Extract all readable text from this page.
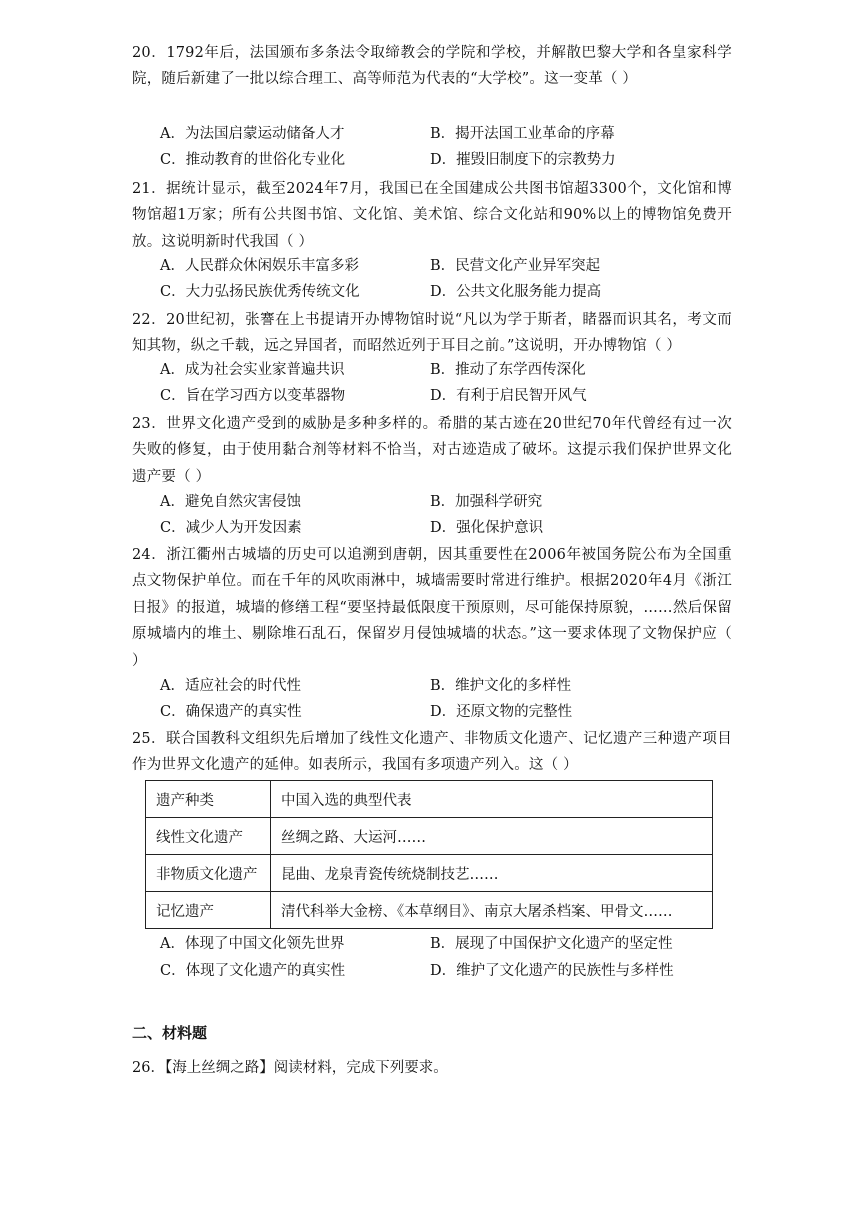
20．1792年后，法国颁布多条法令取缔教会的学院和学校，并解散巴黎大学和各皇家科学院，随后新建了一批以综合理工、高等师范为代表的“大学校”。这一变革（ ）
A．为法国启蒙运动储备人才	B．揭开法国工业革命的序幕
C．推动教育的世俗化专业化	D．摧毁旧制度下的宗教势力
21．据统计显示，截至2024年7月，我国已在全国建成公共图书馆超3300个，文化馆和博物馆超1万家；所有公共图书馆、文化馆、美术馆、综合文化站和90%以上的博物馆免费开放。这说明新时代我国（ ）
A．人民群众休闲娱乐丰富多彩	B．民营文化产业异军突起
C．大力弘扬民族优秀传统文化	D．公共文化服务能力提高
22．20世纪初，张謇在上书提请开办博物馆时说“凡以为学于斯者，睹器而识其名，考文而知其物，纵之千载，远之异国者，而昭然近列于耳目之前。”这说明，开办博物馆（ ）
A．成为社会实业家普遍共识	B．推动了东学西传深化
C．旨在学习西方以变革器物	D．有利于启民智开风气
23．世界文化遗产受到的威胁是多种多样的。希腊的某古迹在20世纪70年代曾经有过一次失败的修复，由于使用黏合剂等材料不恰当，对古迹造成了破坏。这提示我们保护世界文化遗产要（ ）
A．避免自然灾害侵蚀	B．加强科学研究
C．减少人为开发因素	D．强化保护意识
24．浙江衢州古城墙的历史可以追溯到唐朝，因其重要性在2006年被国务院公布为全国重点文物保护单位。而在千年的风吹雨淋中，城墙需要时常进行维护。根据2020年4月《浙江日报》的报道，城墙的修缮工程“要坚持最低限度干预原则，尽可能保持原貌，……然后保留原城墙内的堆土、剔除堆石乱石，保留岁月侵蚀城墙的状态。”这一要求体现了文物保护应（ ）
A．适应社会的时代性	B．维护文化的多样性
C．确保遗产的真实性	D．还原文物的完整性
25．联合国教科文组织先后增加了线性文化遗产、非物质文化遗产、记忆遗产三种遗产项目作为世界文化遗产的延伸。如表所示，我国有多项遗产列入。这（ ）
遗产种类	中国入选的典型代表
线性文化遗产	丝绸之路、大运河……
非物质文化遗产	昆曲、龙泉青瓷传统烧制技艺……
记忆遗产	清代科举大金榜、《本草纲目》、南京大屠杀档案、甲骨文……
A．体现了中国文化领先世界	B．展现了中国保护文化遗产的坚定性
C．体现了文化遗产的真实性	D．维护了文化遗产的民族性与多样性
二、材料题
26．【海上丝绸之路】阅读材料，完成下列要求。
